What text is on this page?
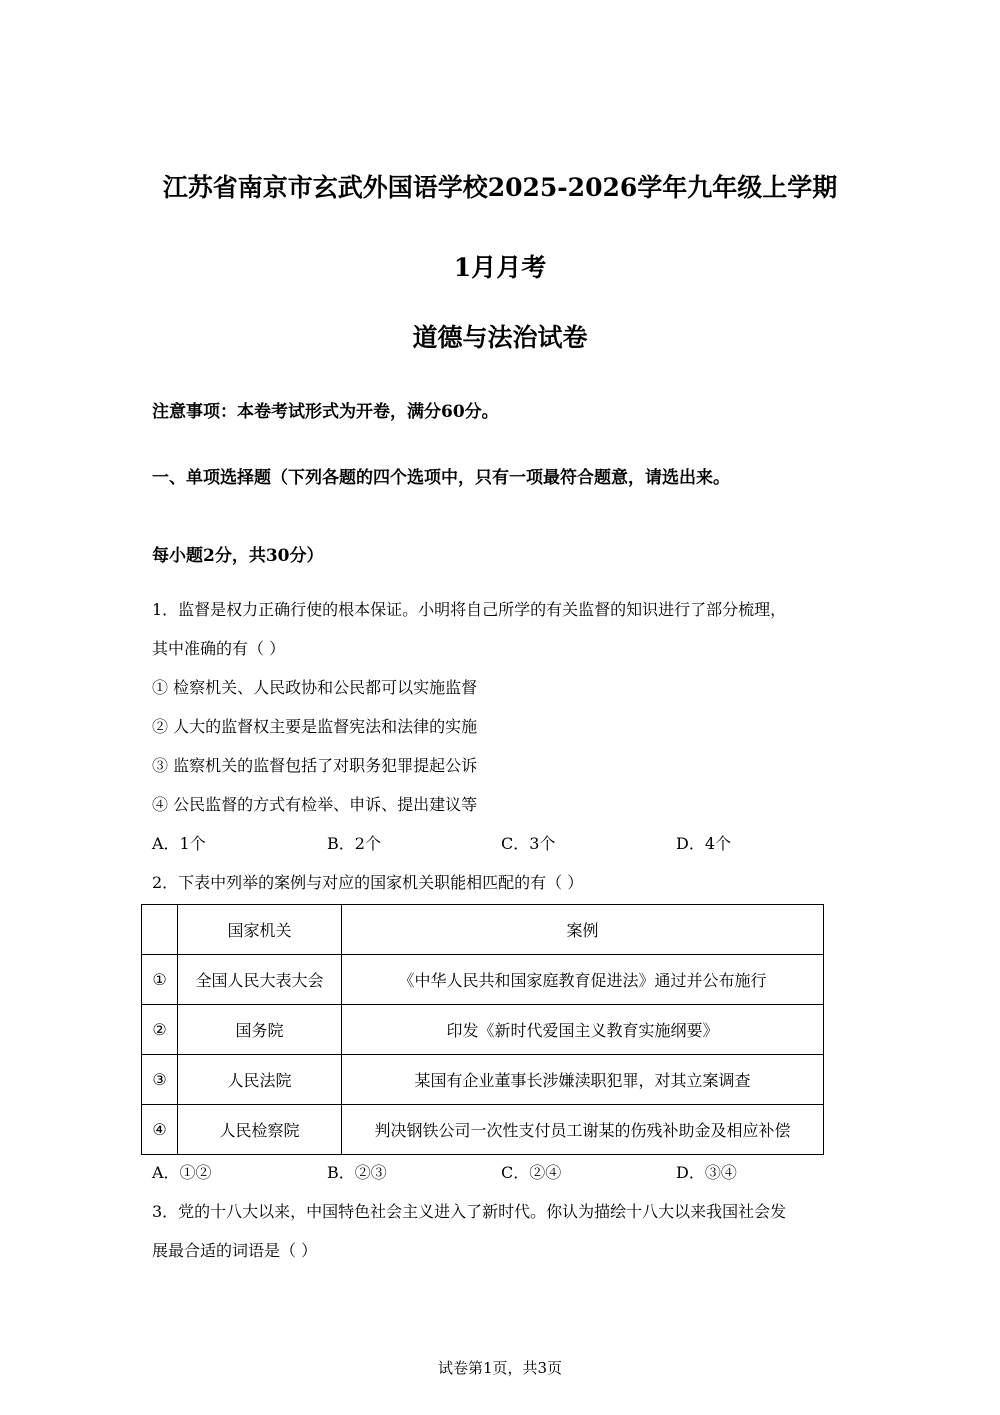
江苏省南京市玄武外国语学校2025-2026学年九年级上学期
1月月考
道德与法治试卷
注意事项：本卷考试形式为开卷，满分60分。
一、单项选择题（下列各题的四个选项中，只有一项最符合题意，请选出来。
每小题2分，共30分）
1．监督是权力正确行使的根本保证。小明将自己所学的有关监督的知识进行了部分梳理，
其中准确的有（ ）
① 检察机关、人民政协和公民都可以实施监督
② 人大的监督权主要是监督宪法和法律的实施
③ 监察机关的监督包括了对职务犯罪提起公诉
④ 公民监督的方式有检举、申诉、提出建议等
A．1个	B．2个	C．3个	D．4个
2．下表中列举的案例与对应的国家机关职能相匹配的有（ ）
	国家机关	案例
①	全国人民大表大会	《中华人民共和国家庭教育促进法》通过并公布施行
②	国务院	印发《新时代爱国主义教育实施纲要》
③	人民法院	某国有企业董事长涉嫌渎职犯罪，对其立案调查
④	人民检察院	判决钢铁公司一次性支付员工谢某的伤残补助金及相应补偿
A．①②	B．②③	C．②④	D．③④
3．党的十八大以来，中国特色社会主义进入了新时代。你认为描绘十八大以来我国社会发
展最合适的词语是（ ）
试卷第1页，共3页
